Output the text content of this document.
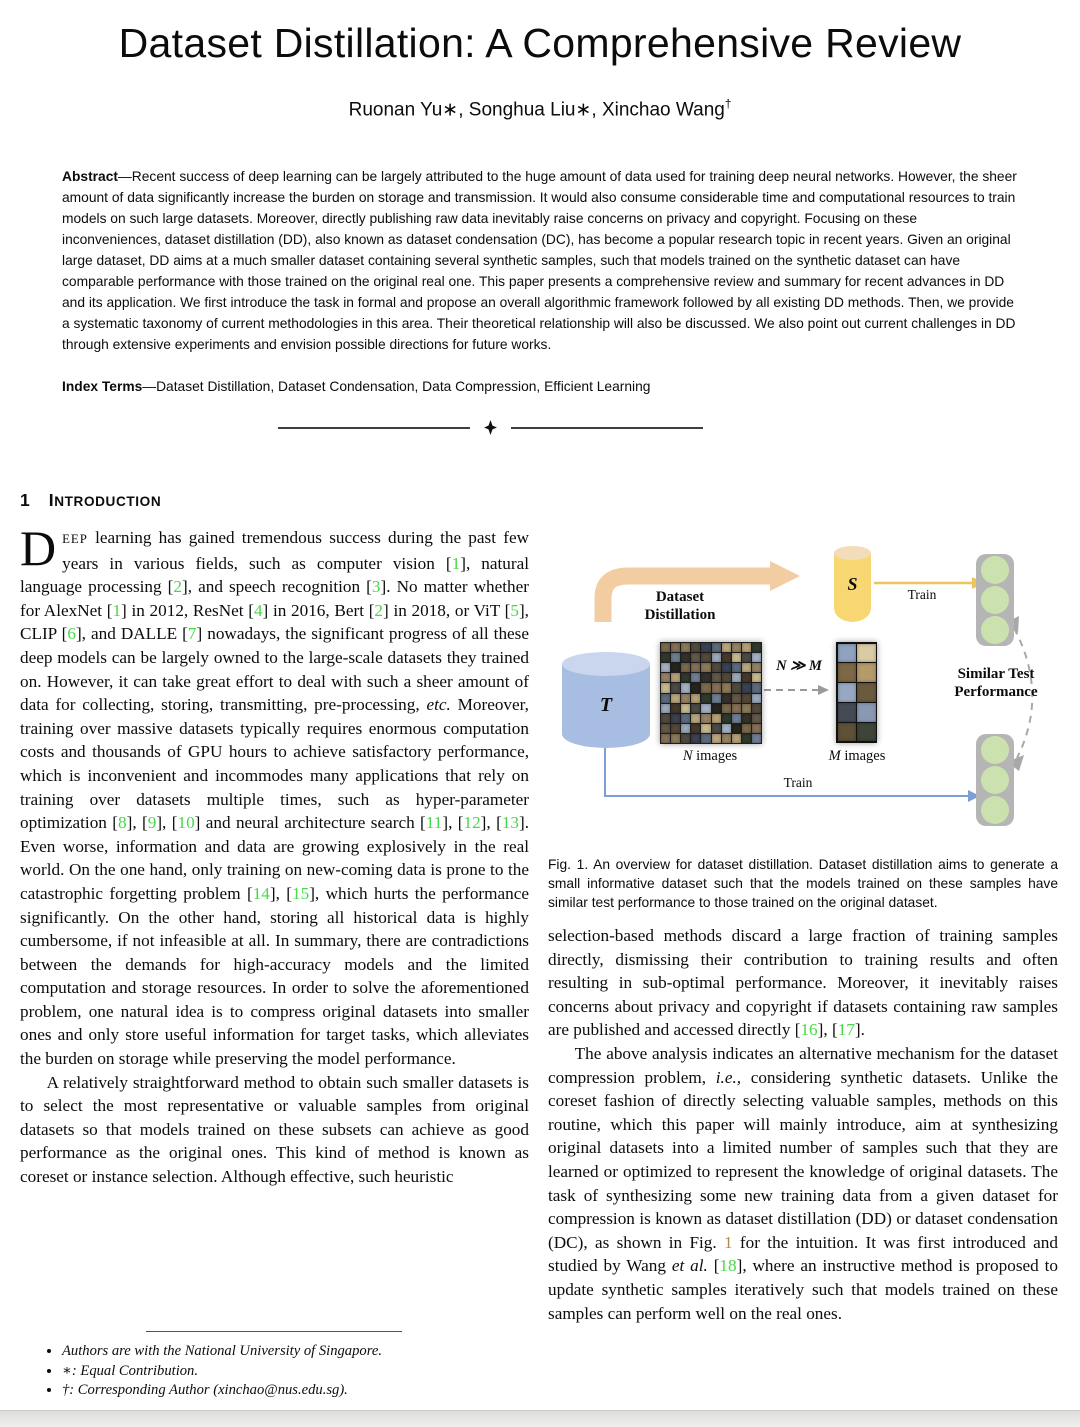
Dataset Distillation: A Comprehensive Review
Ruonan Yu∗, Songhua Liu∗, Xinchao Wang†
Abstract—Recent success of deep learning can be largely attributed to the huge amount of data used for training deep neural networks. However, the sheer amount of data significantly increase the burden on storage and transmission. It would also consume considerable time and computational resources to train models on such large datasets. Moreover, directly publishing raw data inevitably raise concerns on privacy and copyright. Focusing on these inconveniences, dataset distillation (DD), also known as dataset condensation (DC), has become a popular research topic in recent years. Given an original large dataset, DD aims at a much smaller dataset containing several synthetic samples, such that models trained on the synthetic dataset can have comparable performance with those trained on the original real one. This paper presents a comprehensive review and summary for recent advances in DD and its application. We first introduce the task in formal and propose an overall algorithmic framework followed by all existing DD methods. Then, we provide a systematic taxonomy of current methodologies in this area. Their theoretical relationship will also be discussed. We also point out current challenges in DD through extensive experiments and envision possible directions for future works.
Index Terms—Dataset Distillation, Dataset Condensation, Data Compression, Efficient Learning
1 INTRODUCTION

DEEP learning has gained tremendous success during the past few years in various fields, such as computer vision [1], natural language processing [2], and speech recognition [3]. No matter whether for AlexNet [1] in 2012, ResNet [4] in 2016, Bert [2] in 2018, or ViT [5], CLIP [6], and DALLE [7] nowadays, the significant progress of all these deep models can be largely owned to the large-scale datasets they trained on. However, it can take great effort to deal with such a sheer amount of data for collecting, storing, transmitting, pre-processing, etc. Moreover, training over massive datasets typically requires enormous computation costs and thousands of GPU hours to achieve satisfactory performance, which is inconvenient and incommodes many applications that rely on training over datasets multiple times, such as hyper-parameter optimization [8], [9], [10] and neural architecture search [11], [12], [13]. Even worse, information and data are growing explosively in the real world. On the one hand, only training on new-coming data is prone to the catastrophic forgetting problem [14], [15], which hurts the performance significantly. On the other hand, storing all historical data is highly cumbersome, if not infeasible at all. In summary, there are contradictions between the demands for high-accuracy models and the limited computation and storage resources. In order to solve the aforementioned problem, one natural idea is to compress original datasets into smaller ones and only store useful information for target tasks, which alleviates the burden on storage while preserving the model performance.

A relatively straightforward method to obtain such smaller datasets is to select the most representative or valuable samples from original datasets so that models trained on these subsets can achieve as good performance as the original ones. This kind of method is known as coreset or instance selection. Although effective, such heuristic

Dataset Distillation
S
Train
T
N images
N ≫ M
M images
Similar Test Performance
Train
Fig. 1. An overview for dataset distillation. Dataset distillation aims to generate a small informative dataset such that the models trained on these samples have similar test performance to those trained on the original dataset.

selection-based methods discard a large fraction of training samples directly, dismissing their contribution to training results and often resulting in sub-optimal performance. Moreover, it inevitably raises concerns about privacy and copyright if datasets containing raw samples are published and accessed directly [16], [17].

The above analysis indicates an alternative mechanism for the dataset compression problem, i.e., considering synthetic datasets. Unlike the coreset fashion of directly selecting valuable samples, methods on this routine, which this paper will mainly introduce, aim at synthesizing original datasets into a limited number of samples such that they are learned or optimized to represent the knowledge of original datasets. The task of synthesizing some new training data from a given dataset for compression is known as dataset distillation (DD) or dataset condensation (DC), as shown in Fig. 1 for the intuition. It was first introduced and studied by Wang et al. [18], where an instructive method is proposed to update synthetic samples iteratively such that models trained on these samples can perform well on the real ones.

• Authors are with the National University of Singapore.
• ∗: Equal Contribution.
• †: Corresponding Author (xinchao@nus.edu.sg).
